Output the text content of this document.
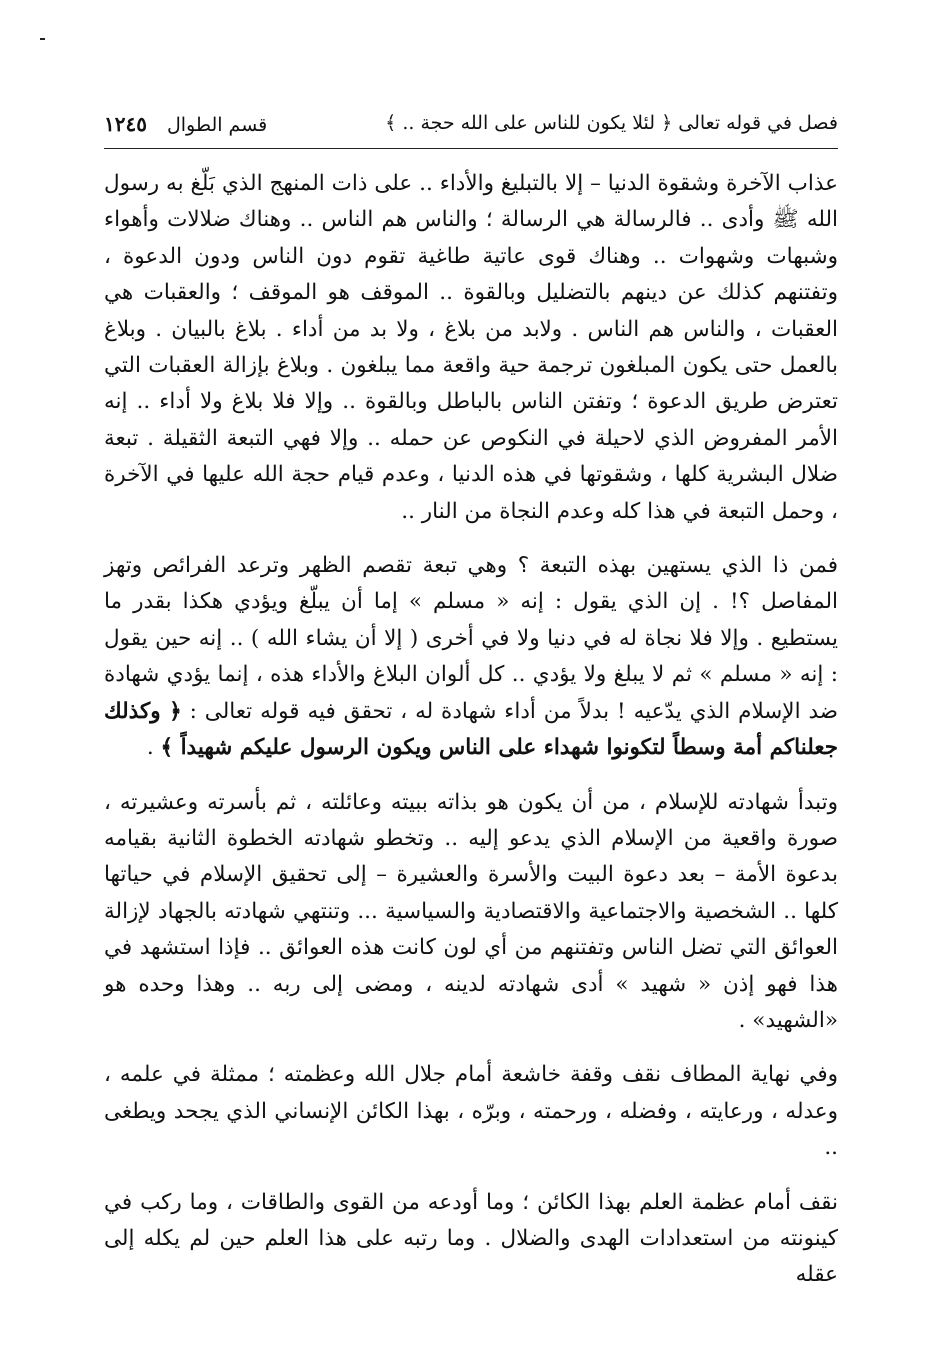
فصل في قوله تعالى ﴿ لئلا يكون للناس على الله حجة .. ﴾
قسم الطوال١٢٤٥

عذاب الآخرة وشقوة الدنيا – إلا بالتبليغ والأداء .. على ذات المنهج الذي بَلّغ به رسول الله ﷺ وأدى .. فالرسالة هي الرسالة ؛ والناس هم الناس .. وهناك ضلالات وأهواء وشبهات وشهوات .. وهناك قوى عاتية طاغية تقوم دون الناس ودون الدعوة ، وتفتنهم كذلك عن دينهم بالتضليل وبالقوة .. الموقف هو الموقف ؛ والعقبات هي العقبات ، والناس هم الناس . ولابد من بلاغ ، ولا بد من أداء . بلاغ بالبيان . وبلاغ بالعمل حتى يكون المبلغون ترجمة حية واقعة مما يبلغون . وبلاغ بإزالة العقبات التي تعترض طريق الدعوة ؛ وتفتن الناس بالباطل وبالقوة .. وإلا فلا بلاغ ولا أداء .. إنه الأمر المفروض الذي لاحيلة في النكوص عن حمله .. وإلا فهي التبعة الثقيلة . تبعة ضلال البشرية كلها ، وشقوتها في هذه الدنيا ، وعدم قيام حجة الله عليها في الآخرة ، وحمل التبعة في هذا كله وعدم النجاة من النار ..

فمن ذا الذي يستهين بهذه التبعة ؟ وهي تبعة تقصم الظهر وترعد الفرائص وتهز المفاصل ؟! . إن الذي يقول : إنه « مسلم » إما أن يبلّغ ويؤدي هكذا بقدر ما يستطيع . وإلا فلا نجاة له في دنيا ولا في أخرى ( إلا أن يشاء الله ) .. إنه حين يقول : إنه « مسلم » ثم لا يبلغ ولا يؤدي .. كل ألوان البلاغ والأداء هذه ، إنما يؤدي شهادة ضد الإسلام الذي يدّعيه ! بدلاً من أداء شهادة له ، تحقق فيه قوله تعالى : ﴿ وكذلك جعلناكم أمة وسطاً لتكونوا شهداء على الناس ويكون الرسول عليكم شهيداً ﴾ .

وتبدأ شهادته للإسلام ، من أن يكون هو بذاته ببيته وعائلته ، ثم بأسرته وعشيرته ، صورة واقعية من الإسلام الذي يدعو إليه .. وتخطو شهادته الخطوة الثانية بقيامه بدعوة الأمة – بعد دعوة البيت والأسرة والعشيرة – إلى تحقيق الإسلام في حياتها كلها .. الشخصية والاجتماعية والاقتصادية والسياسية ... وتنتهي شهادته بالجهاد لإزالة العوائق التي تضل الناس وتفتنهم من أي لون كانت هذه العوائق .. فإذا استشهد في هذا فهو إذن « شهيد » أدى شهادته لدينه ، ومضى إلى ربه .. وهذا وحده هو «الشهيد» .

وفي نهاية المطاف نقف وقفة خاشعة أمام جلال الله وعظمته ؛ ممثلة في علمه ، وعدله ، ورعايته ، وفضله ، ورحمته ، وبرّه ، بهذا الكائن الإنساني الذي يجحد ويطغى ..

نقف أمام عظمة العلم بهذا الكائن ؛ وما أودعه من القوى والطاقات ، وما ركب في كينونته من استعدادات الهدى والضلال . وما رتبه على هذا العلم حين لم يكله إلى عقله
